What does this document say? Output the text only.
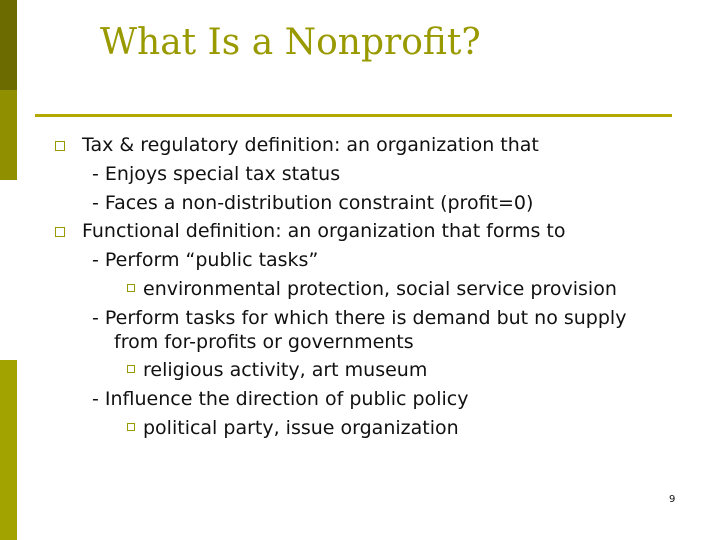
What Is a Nonprofit?
Tax & regulatory definition: an organization that
- Enjoys special tax status
- Faces a non-distribution constraint (profit=0)
Functional definition: an organization that forms to
- Perform “public tasks”
environmental protection, social service provision
- Perform tasks for which there is demand but no supply
from for-profits or governments
religious activity, art museum
- Influence the direction of public policy
political party, issue organization
9
